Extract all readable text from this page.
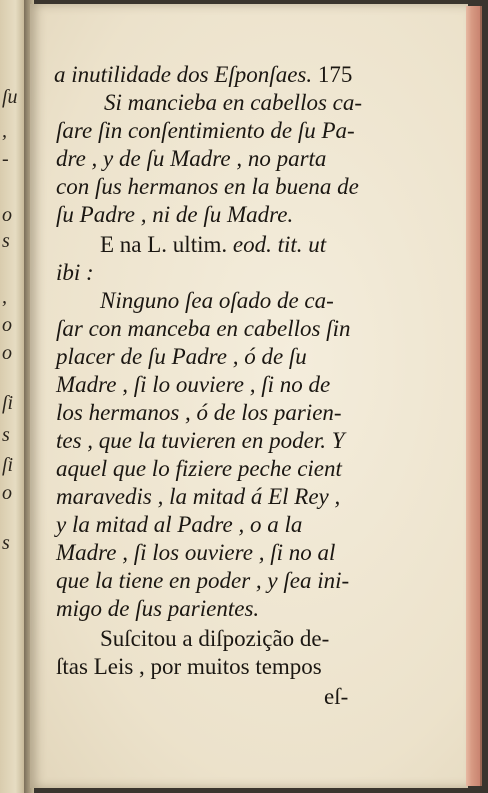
ſu
,
-
o
s
,
o
o
ſi
s
ſi
o
s
a inutilidade dos Eſponſaes. 175
Si mancieba en cabellos ca-
ſare ſin conſentimiento de ſu Pa-
dre , y de ſu Madre , no parta
con ſus hermanos en la buena de
ſu Padre , ni de ſu Madre.
E na L. ultim. eod. tit. ut
ibi :
Ninguno ſea oſado de ca-
ſar con manceba en cabellos ſin
placer de ſu Padre , ó de ſu
Madre , ſi lo ouviere , ſi no de
los hermanos , ó de los parien-
tes , que la tuvieren en poder. Y
aquel que lo fiziere peche cient
maravedis , la mitad á El Rey ,
y la mitad al Padre , o a la
Madre , ſi los ouviere , ſi no al
que la tiene en poder , y ſea ini-
migo de ſus parientes.
Suſcitou a diſpozição de-
ſtas Leis , por muitos tempos
eſ-
